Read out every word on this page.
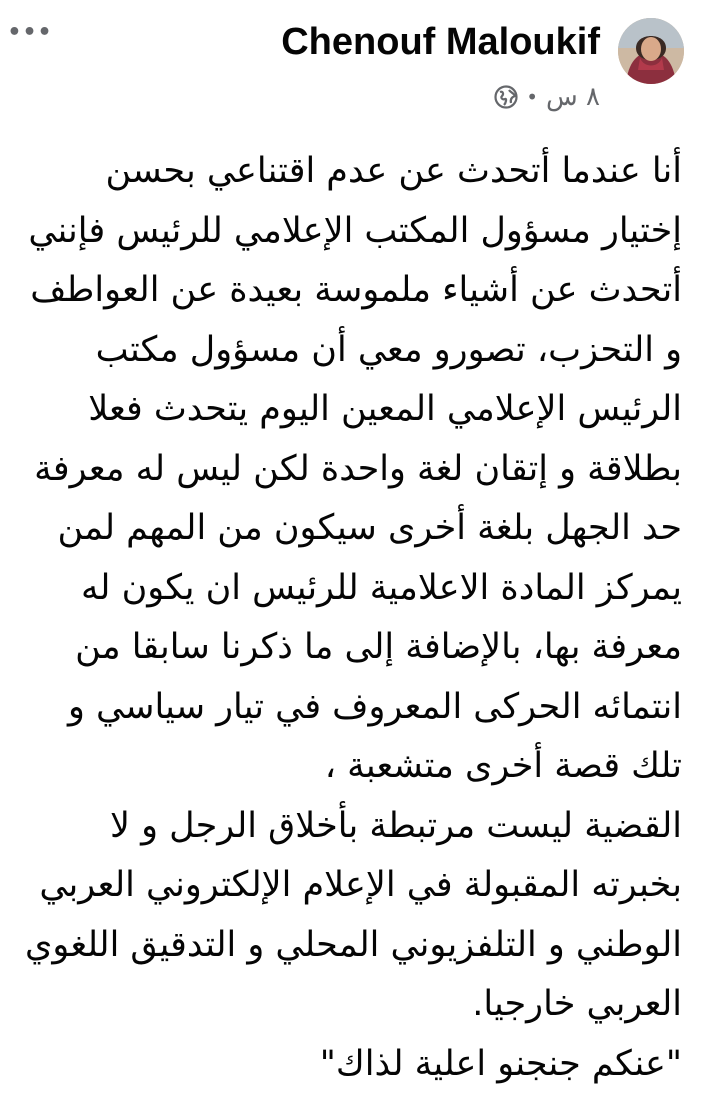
•••	Chenouf Maloukif
٨ س
•
أنا عندما أتحدث عن عدم اقتناعي بحسن
إختيار مسؤول المكتب الإعلامي للرئيس فإنني
أتحدث عن أشياء ملموسة بعيدة عن العواطف
و التحزب، تصورو معي أن مسؤول مكتب
الرئيس الإعلامي المعين اليوم يتحدث فعلا
بطلاقة و إتقان لغة واحدة لكن ليس له معرفة
حد الجهل بلغة أخرى سيكون من المهم لمن
يمركز المادة الاعلامية للرئيس ان يكون له
معرفة بها، بالإضافة إلى ما ذكرنا سابقا من
انتمائه الحركى المعروف في تيار سياسي و
تلك قصة أخرى متشعبة ،
القضية ليست مرتبطة بأخلاق الرجل و لا
بخبرته المقبولة في الإعلام الإلكتروني العربي
الوطني و التلفزيوني المحلي و التدقيق اللغوي
العربي خارجيا.
"عنكم جنجنو اعلية لذاك"
